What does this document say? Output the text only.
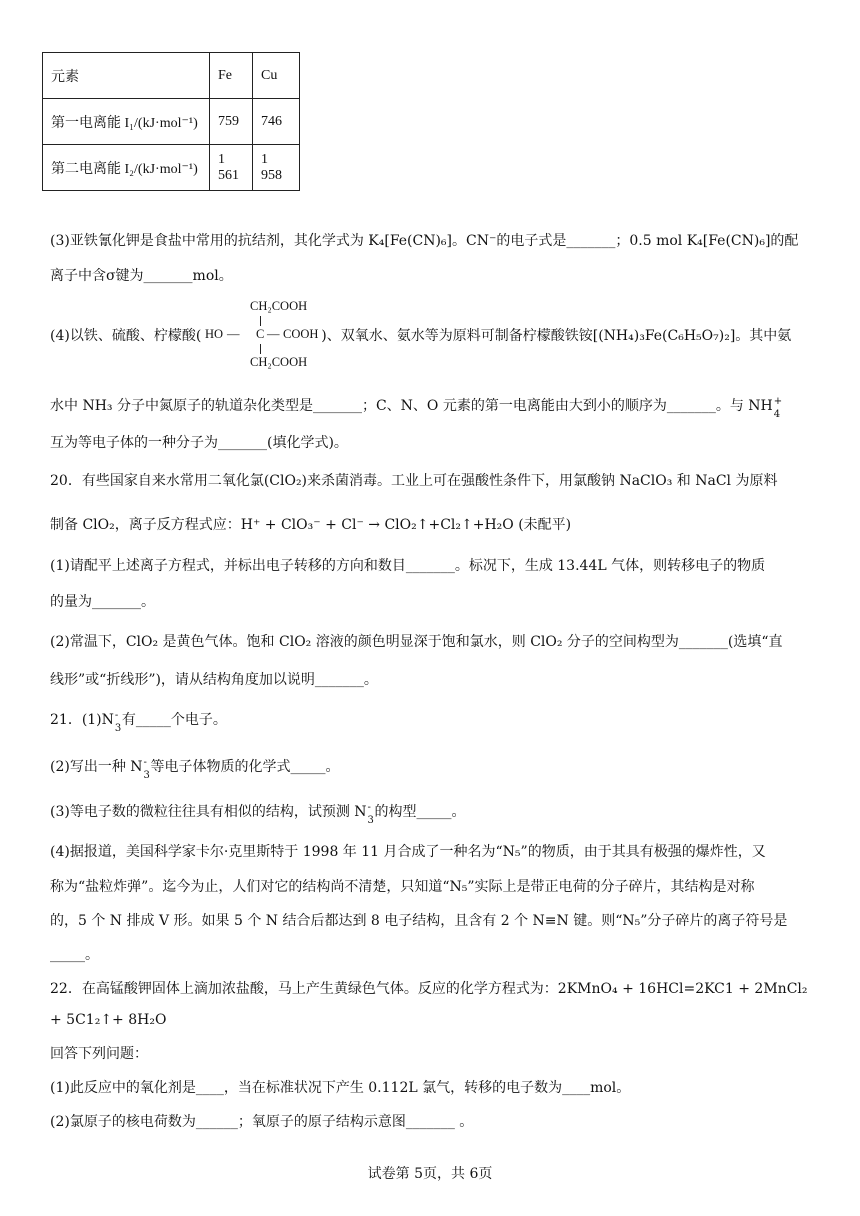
元素	Fe	Cu
第一电离能 I₁/(kJ·mol⁻¹)	759	746
第二电离能 I₂/(kJ·mol⁻¹)	1 561	1 958
(3)亚铁氰化钾是食盐中常用的抗结剂，其化学式为 K₄[Fe(CN)₆]。CN⁻的电子式是_______；0.5 mol K₄[Fe(CN)₆]的配
离子中含σ键为_______mol。
(4)以铁、硫酸、柠檬酸(	)、双氧水、氨水等为原料可制备柠檬酸铁铵[(NH₄)₃Fe(C₆H₅O₇)₂]。其中氨
CH₂COOH
HO — C — COOH
CH₂COOH
水中 NH₃ 分子中氮原子的轨道杂化类型是_______；C、N、O 元素的第一电离能由大到小的顺序为_______。与 NH +
4
互为等电子体的一种分子为_______(填化学式)。
20．有些国家自来水常用二氧化氯(ClO₂)来杀菌消毒。工业上可在强酸性条件下，用氯酸钠 NaClO₃ 和 NaCl 为原料
制备 ClO₂，离子反方程式应：H⁺ + ClO₃⁻ + Cl⁻ → ClO₂↑+Cl₂↑+H₂O (未配平)
(1)请配平上述离子方程式，并标出电子转移的方向和数目_______。标况下，生成 13.44L 气体，则转移电子的物质
的量为_______。
(2)常温下，ClO₂ 是黄色气体。饱和 ClO₂ 溶液的颜色明显深于饱和氯水，则 ClO₂ 分子的空间构型为_______(选填“直
线形”或“折线形”)，请从结构角度加以说明_______。
21．(1)N -
3
有_____个电子。
(2)写出一种 N -
3
等电子体物质的化学式_____。
(3)等电子数的微粒往往具有相似的结构，试预测 N -
3
的构型_____。
(4)据报道，美国科学家卡尔·克里斯特于 1998 年 11 月合成了一种名为“N₅”的物质，由于其具有极强的爆炸性，又
称为“盐粒炸弹”。迄今为止，人们对它的结构尚不清楚，只知道“N₅”实际上是带正电荷的分子碎片，其结构是对称
的，5 个 N 排成 V 形。如果 5 个 N 结合后都达到 8 电子结构，且含有 2 个 N≡N 键。则“N₅”分子碎片的离子符号是
_____。
22．在高锰酸钾固体上滴加浓盐酸，马上产生黄绿色气体。反应的化学方程式为：2KMnO₄ + 16HCl=2KC1 + 2MnCl₂
+ 5C1₂↑+ 8H₂O
回答下列问题：
(1)此反应中的氧化剂是____，当在标准状况下产生 0.112L 氯气，转移的电子数为____mol。
(2)氯原子的核电荷数为______；氧原子的原子结构示意图_______ 。
试卷第 5页，共 6页
